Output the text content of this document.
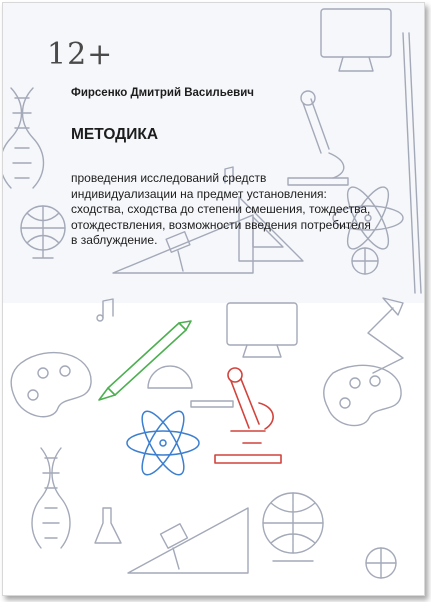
12+
Фирсенко Дмитрий Васильевич
МЕТОДИКА
проведения исследований средств индивидуализации на предмет установления: сходства, сходства до степени смешения, тождества, отождествления, возможности введения потребителя в заблуждение.
